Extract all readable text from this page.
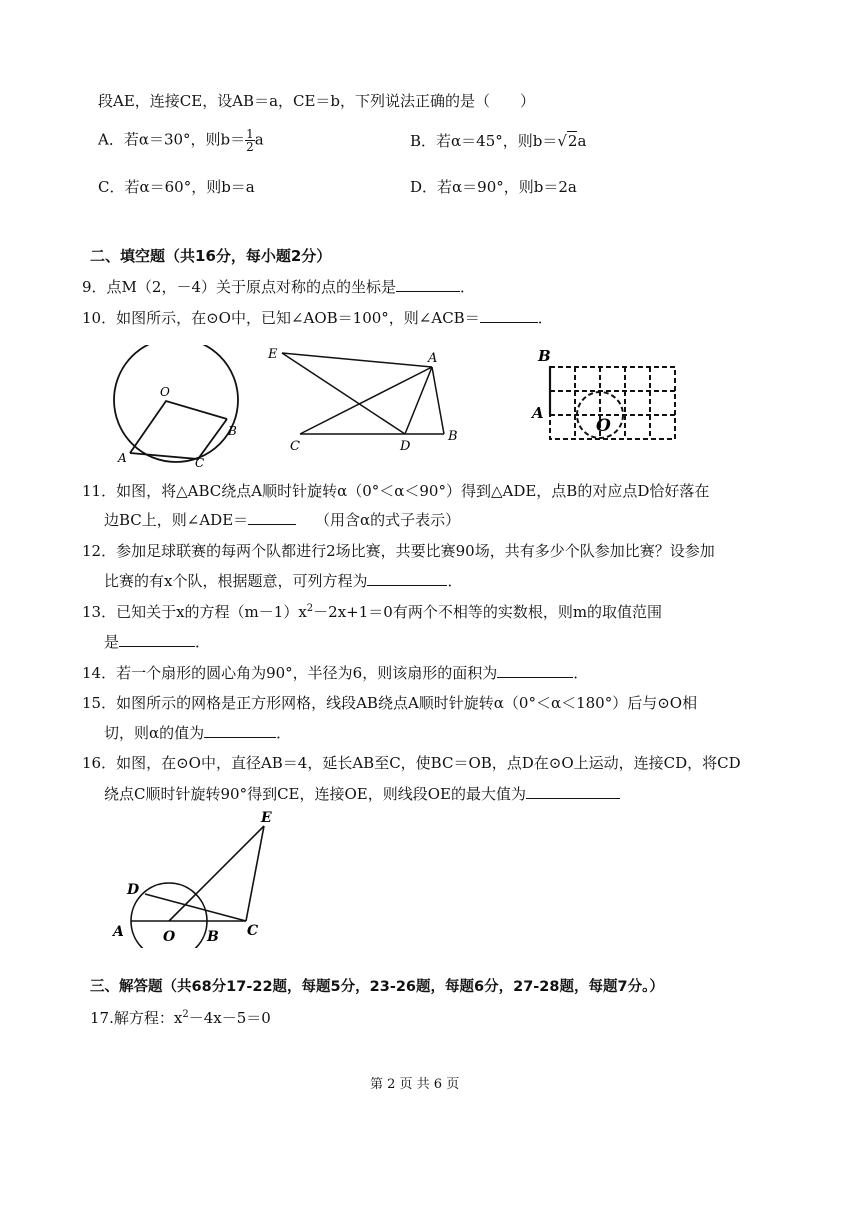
段AE，连接CE，设AB＝a，CE＝b，下列说法正确的是（　　）
A．若α＝30°，则$b= \frac{1}{2}$ a	B．若α＝45°，则b＝√2a
C．若α＝60°，则b＝a	D．若α＝90°，则b＝2a
二、填空题（共16分，每小题2分）
9．点M（2，－4）关于原点对称的点的坐标是	．
10．如图所示，在⊙O中，已知∠AOB＝100°，则∠ACB＝	．
O
A
B
C
E	A
C	D
B
B
A
O
11．如图，将△ABC绕点A顺时针旋转α（0°＜α＜90°）得到△ADE，点B的对应点D恰好落在
边BC上，则∠ADE＝	（用含α的式子表示）
12．参加足球联赛的每两个队都进行2场比赛，共要比赛90场，共有多少个队参加比赛？设参加
比赛的有x个队，根据题意，可列方程为	．
13．已知关于x的方程$(m-1)x^2-2x+1=0$有两个不相等的实数根，则m的取值范围
是	．
14．若一个扇形的圆心角为90°，半径为6，则该扇形的面积为	．
15．如图所示的网格是正方形网格，线段AB绕点A顺时针旋转α（0°＜α＜180°）后与⊙O相
切，则α的值为	．
16．如图，在⊙O中，直径AB＝4，延长AB至C，使BC＝OB，点D在⊙O上运动，连接CD，将CD
绕点C顺时针旋转90°得到CE，连接OE，则线段OE的最大值为
E
D
A	O B C
三、解答题（共68分17-22题，每题5分，23-26题，每题6分，27-28题，每题7分。）
17.解方程：$x^2-4x-5=0$
第 2 页 共 6 页
